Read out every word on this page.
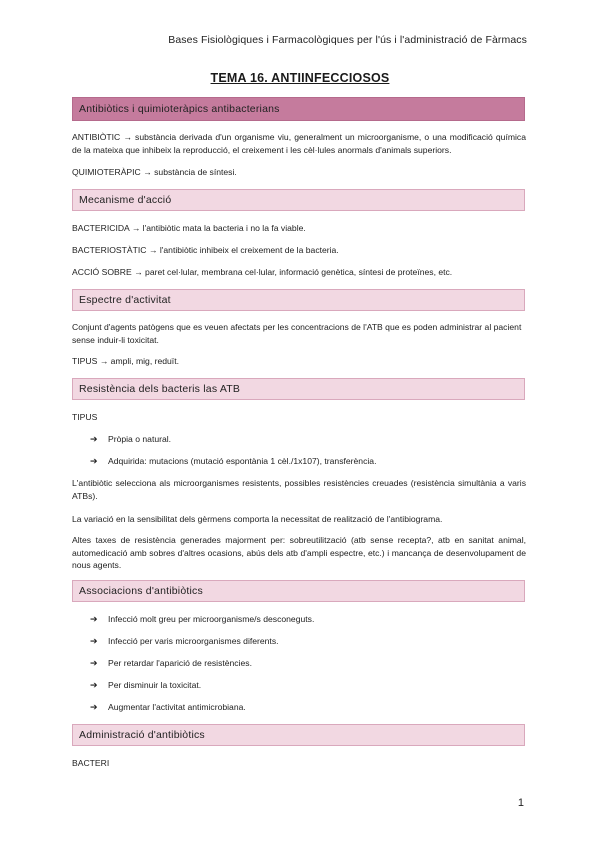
Bases Fisiològiques i Farmacològiques per l'ús i l'administració de Fàrmacs
TEMA 16. ANTIINFECCIOSOS
Antibiòtics i quimioteràpics antibacterians
ANTIBIÒTIC → substància derivada d'un organisme viu, generalment un microorganisme, o una modificació química de la mateixa que inhibeix la reproducció, el creixement i les cèl·lules anormals d'animals superiors.
QUIMIOTERÀPIC → substància de síntesi.
Mecanisme d'acció
BACTERICIDA → l'antibiòtic mata la bacteria i no la fa viable.
BACTERIOSTÀTIC → l'antibiòtic inhibeix el creixement de la bacteria.
ACCIÓ SOBRE → paret cel·lular, membrana cel·lular, informació genètica, síntesi de proteïnes, etc.
Espectre d'activitat
Conjunt d'agents patògens que es veuen afectats per les concentracions de l'ATB que es poden administrar al pacient sense induir-li toxicitat.
TIPUS → ampli, mig, reduït.
Resistència dels bacteris las ATB
TIPUS
➔ Pròpia o natural.
➔ Adquirida: mutacions (mutació espontània 1 cèl./1x107), transferència.
L'antibiòtic selecciona als microorganismes resistents, possibles resistències creuades (resistència simultània a varis ATBs).
La variació en la sensibilitat dels gèrmens comporta la necessitat de realització de l'antibiograma.
Altes taxes de resistència generades majorment per: sobreutilització (atb sense recepta?, atb en sanitat animal, automedicació amb sobres d'altres ocasions, abús dels atb d'ampli espectre, etc.) i mancança de desenvolupament de nous agents.
Associacions d'antibiòtics
➔ Infecció molt greu per microorganisme/s desconeguts.
➔ Infecció per varis microorganismes diferents.
➔ Per retardar l'aparició de resistències.
➔ Per disminuir la toxicitat.
➔ Augmentar l'activitat antimicrobiana.
Administració d'antibiòtics
BACTERI
1
